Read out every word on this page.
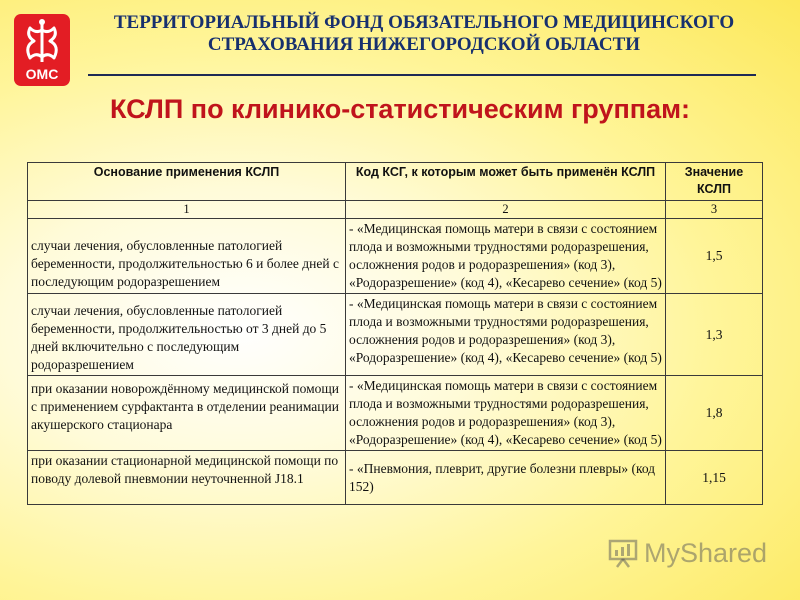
ОМС
ТЕРРИТОРИАЛЬНЫЙ ФОНД ОБЯЗАТЕЛЬНОГО МЕДИЦИНСКОГО
СТРАХОВАНИЯ НИЖЕГОРОДСКОЙ ОБЛАСТИ
КСЛП по клинико-статистическим группам:
Основание применения КСЛП	Код КСГ, к которым может быть применён КСЛП	Значение КСЛП
1	2	3
случаи лечения, обусловленные патологией беременности, продолжительностью 6 и более дней с последующим родоразрешением	- «Медицинская помощь матери в связи с состоянием плода и возможными трудностями родоразрешения, осложнения родов и родоразрешения» (код 3), «Родоразрешение» (код 4), «Кесарево сечение» (код 5)	1,5
случаи лечения, обусловленные патологией беременности, продолжительностью от 3 дней до 5 дней включительно с последующим родоразрешением	- «Медицинская помощь матери в связи с состоянием плода и возможными трудностями родоразрешения, осложнения родов и родоразрешения» (код 3), «Родоразрешение» (код 4), «Кесарево сечение» (код 5)	1,3
при оказании новорождённому медицинской помощи с применением сурфактанта в отделении реанимации акушерского стационара	- «Медицинская помощь матери в связи с состоянием плода и возможными трудностями родоразрешения, осложнения родов и родоразрешения» (код 3), «Родоразрешение» (код 4), «Кесарево сечение» (код 5)	1,8
при оказании стационарной медицинской помощи по поводу долевой пневмонии неуточненной J18.1	- «Пневмония, плеврит, другие болезни плевры» (код 152)	1,15
MyShared
